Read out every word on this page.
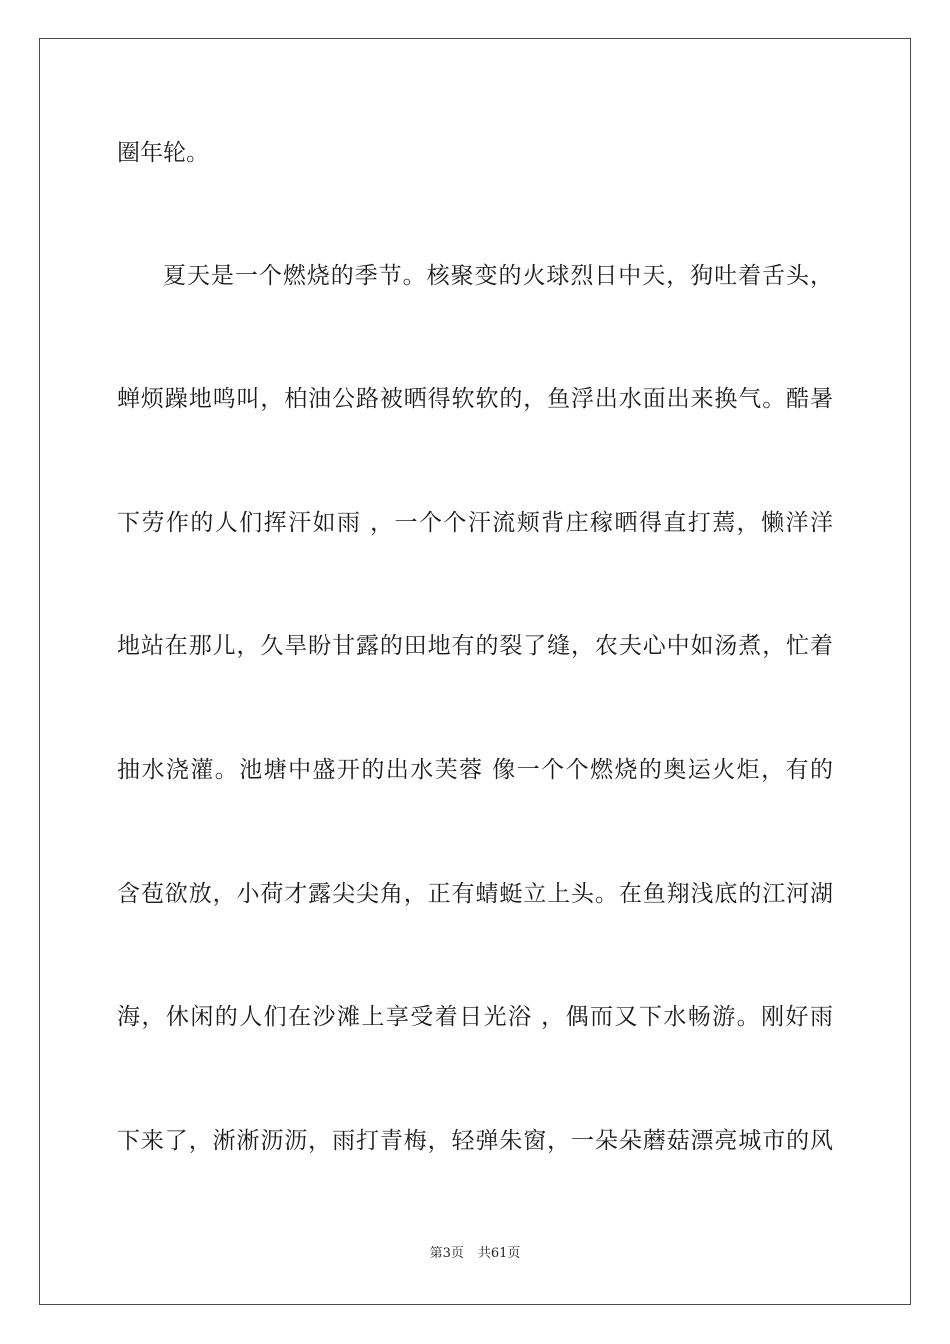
圈年轮。
夏天是一个燃烧的季节。核聚变的火球烈日中天，狗吐着舌头，
蝉烦躁地鸣叫，柏油公路被晒得软软的，鱼浮出水面出来换气。酷暑
下劳作的人们挥汗如雨 ，一个个汗流颊背庄稼晒得直打蔫，懒洋洋
地站在那儿，久旱盼甘露的田地有的裂了缝，农夫心中如汤煮，忙着
抽水浇灌。池塘中盛开的出水芙蓉 像一个个燃烧的奥运火炬，有的
含苞欲放，小荷才露尖尖角，正有蜻蜓立上头。在鱼翔浅底的江河湖
海，休闲的人们在沙滩上享受着日光浴 ，偶而又下水畅游。刚好雨
下来了，淅淅沥沥，雨打青梅，轻弹朱窗，一朵朵蘑菇漂亮城市的风
第3页 共61页
